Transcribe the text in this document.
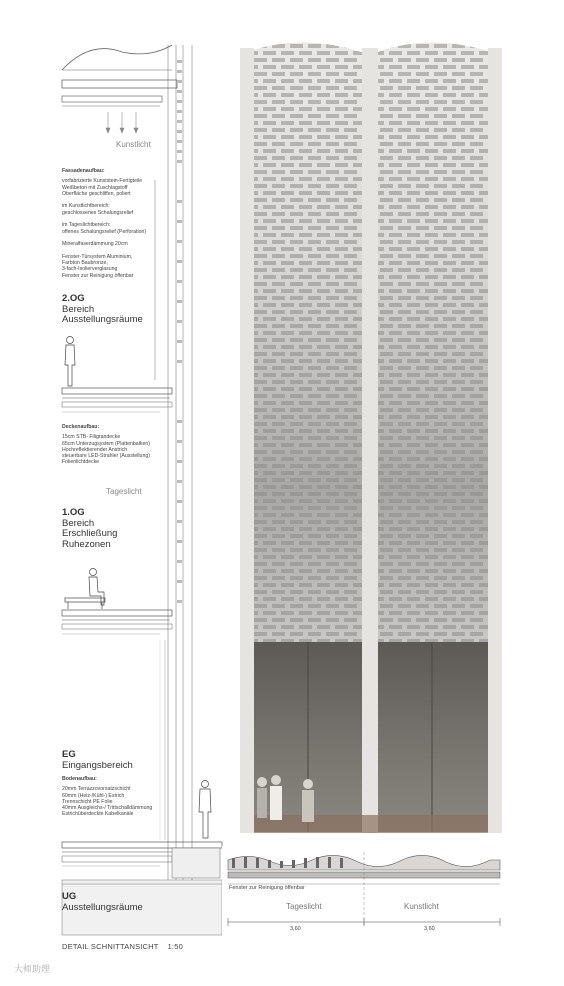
Kunstlicht
Fassadenaufbau:
vorfabrizierte Kunststein-Fertigteile
Weißbeton mit Zuschlagstoff
Oberfläche geschliffen, poliert
im Kunstlichtbereich:
geschlossenes Schalungsrelief
im Tageslichtbereich:
offenes Schalungsrelief (Perforation)
Mineralfaserdämmung 20cm
Fenster-Türsystem Aluminium,
Farbton Baubronze,
3-fach-Isolierverglasung
Fenster zur Reinigung öffenbar
2.OG
Bereich
Ausstellungsräume
Deckenaufbau:
15cm STB- Filigrandecke
65cm Unterzugsystem (Plattenbalken)
Hochreflektierender Anstrich
steuerbare LED-Strahler (Ausstellung)
Folienlichtdecke
Tageslicht
1.OG
Bereich
Erschließung
Ruhezonen
EG
Eingangsbereich
Bodenaufbau:
20mm Terrazzovorsatzschicht
60mm (Heiz-/Kühl-) Estrich
Trennschicht PE Folie
40mm Ausgleichs-/ Trittschalldämmung
Estrichüberdeckte Kabelkanäle
UG
Ausstellungsräume
DETAIL SCHNITTANSICHT    1:50
Fenster zur Reinigung öffenbar
Tageslicht	Kunstlicht
3,60	3,60
大师助理
